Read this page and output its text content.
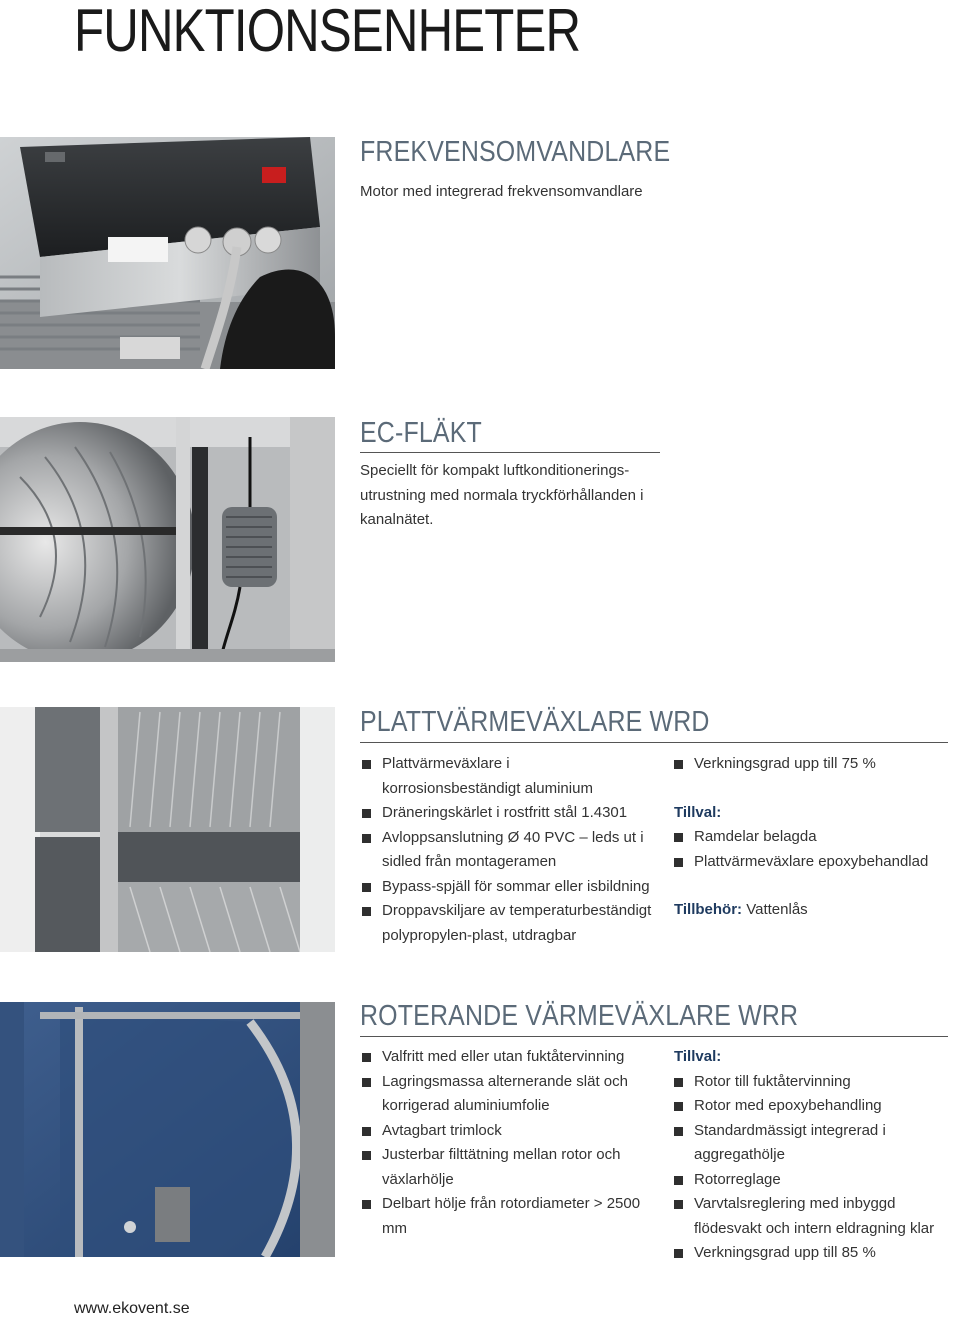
FUNKTIONSENHETER
FREKVENSOMVANDLARE
Motor med integrerad frekvensomvandlare
EC-FLÄKT
Speciellt för kompakt luftkonditionerings-
utrustning med normala tryckförhållanden i
kanalnätet.
PLATTVÄRMEVÄXLARE WRD
Plattvärmeväxlare i korrosionsbeständigt aluminium
Dräneringskärlet i rostfritt stål 1.4301
Avloppsanslutning Ø 40 PVC – leds ut i sidled från montageramen
Bypass-spjäll för sommar eller isbildning
Droppavskiljare av temperaturbeständigt polypropylen-plast, utdragbar
Verkningsgrad upp till 75 %
Tillval:
Ramdelar belagda
Plattvärmeväxlare epoxybehandlad
Tillbehör: Vattenlås
ROTERANDE VÄRMEVÄXLARE WRR
Valfritt med eller utan fuktåtervinning
Lagringsmassa alternerande slät och korrigerad aluminiumfolie
Avtagbart trimlock
Justerbar filttätning mellan rotor och växlarhölje
Delbart hölje från rotordiameter > 2500 mm
Tillval:
Rotor till fuktåtervinning
Rotor med epoxybehandling
Standardmässigt integrerad i aggregathölje
Rotorreglage
Varvtalsreglering med inbyggd flödesvakt och intern eldragning klar
Verkningsgrad upp till 85 %
www.ekovent.se
